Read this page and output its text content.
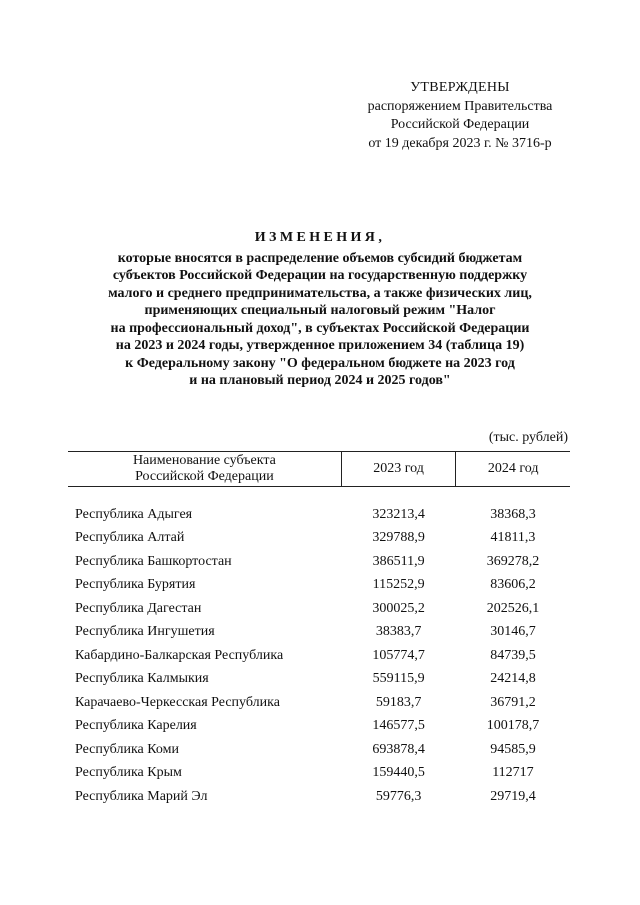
УТВЕРЖДЕНЫ
распоряжением Правительства
Российской Федерации
от 19 декабря 2023 г. № 3716-р
ИЗМЕНЕНИЯ,
которые вносятся в распределение объемов субсидий бюджетам
субъектов Российской Федерации на государственную поддержку
малого и среднего предпринимательства, а также физических лиц,
применяющих специальный налоговый режим "Налог
на профессиональный доход", в субъектах Российской Федерации
на 2023 и 2024 годы, утвержденное приложением 34 (таблица 19)
к Федеральному закону "О федеральном бюджете на 2023 год
и на плановый период 2024 и 2025 годов"
(тыс. рублей)
Наименование субъекта
Российской Федерации	2023 год	2024 год

Республика Адыгея	323213,4	38368,3
Республика Алтай	329788,9	41811,3
Республика Башкортостан	386511,9	369278,2
Республика Бурятия	115252,9	83606,2
Республика Дагестан	300025,2	202526,1
Республика Ингушетия	38383,7	30146,7
Кабардино-Балкарская Республика	105774,7	84739,5
Республика Калмыкия	559115,9	24214,8
Карачаево-Черкесская Республика	59183,7	36791,2
Республика Карелия	146577,5	100178,7
Республика Коми	693878,4	94585,9
Республика Крым	159440,5	112717
Республика Марий Эл	59776,3	29719,4
